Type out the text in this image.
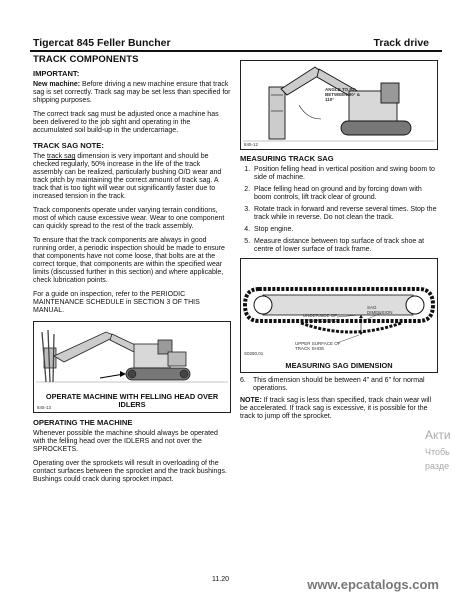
Tigercat 845 Feller Buncher	Track drive
TRACK COMPONENTS
IMPORTANT:

New machine: Before driving a new machine ensure that track sag is set correctly. Track sag may be set less than specified for shipping purposes.

The correct track sag must be adjusted once a machine has been delivered to the job sight and operating in the accumulated soil build-up in the undercarriage.

TRACK SAG NOTE:

The track sag dimension is very important and should be checked regularly, 50% increase in the life of the track assembly can be realized, particularly bushing O/D wear and track pitch by maintaining the correct amount of track sag. A track that is too tight will wear out significantly faster due to increased tension in the track.

Track components operate under varying terrain conditions, most of which cause excessive wear. Wear to one component can quickly spread to the rest of the track assembly.

To ensure that the track components are always in good running order, a periodic inspection should be made to ensure that components have not come loose, that bolts are at the correct torque, that components are within the specified wear limits (discussed further in this section) and where applicable, check lubrication points.

For a guide on inspection, refer to the PERIODIC MAINTENANCE SCHEDULE in SECTION 3 OF THIS MANUAL.

OPERATE MACHINE WITH FELLING HEAD OVER IDLERS
845-13
OPERATING THE MACHINE

Whenever possible the machine should always be operated with the felling head over the IDLERS and not over the SPROCKETS.

Operating over the sprockets will result in overloading of the contact surfaces between the sprocket and the track bushings. Bushings could crack during sprocket impact.

ANGLE TO BE BETWEEN 90° & 110°
845-12
MEASURING TRACK SAG
1. Position felling head in vertical position and swing boom to side of machine.
2. Place felling head on ground and by forcing down with boom controls, lift track clear of ground.
3. Rotate track in forward and reverse several times. Stop the track while in reverse. Do not clean the track.
4. Stop engine.
5. Measure distance between top surface of track shoe at centre of lower surface of track frame.
UNDERSIDE OF TRACK GUARD
SAG DIMENSION
UPPER SURFACE OF TRACK SHOE
S0280.01
MEASURING SAG DIMENSION
6.	This dimension should be between 4" and 6" for normal operations.

NOTE: If track sag is less than specified, track chain wear will be accelerated. If track sag is excessive, it is possible for the track to jump off the sprocket.

Акти
Чтобь
разде
11.20	www.epcatalogs.com
